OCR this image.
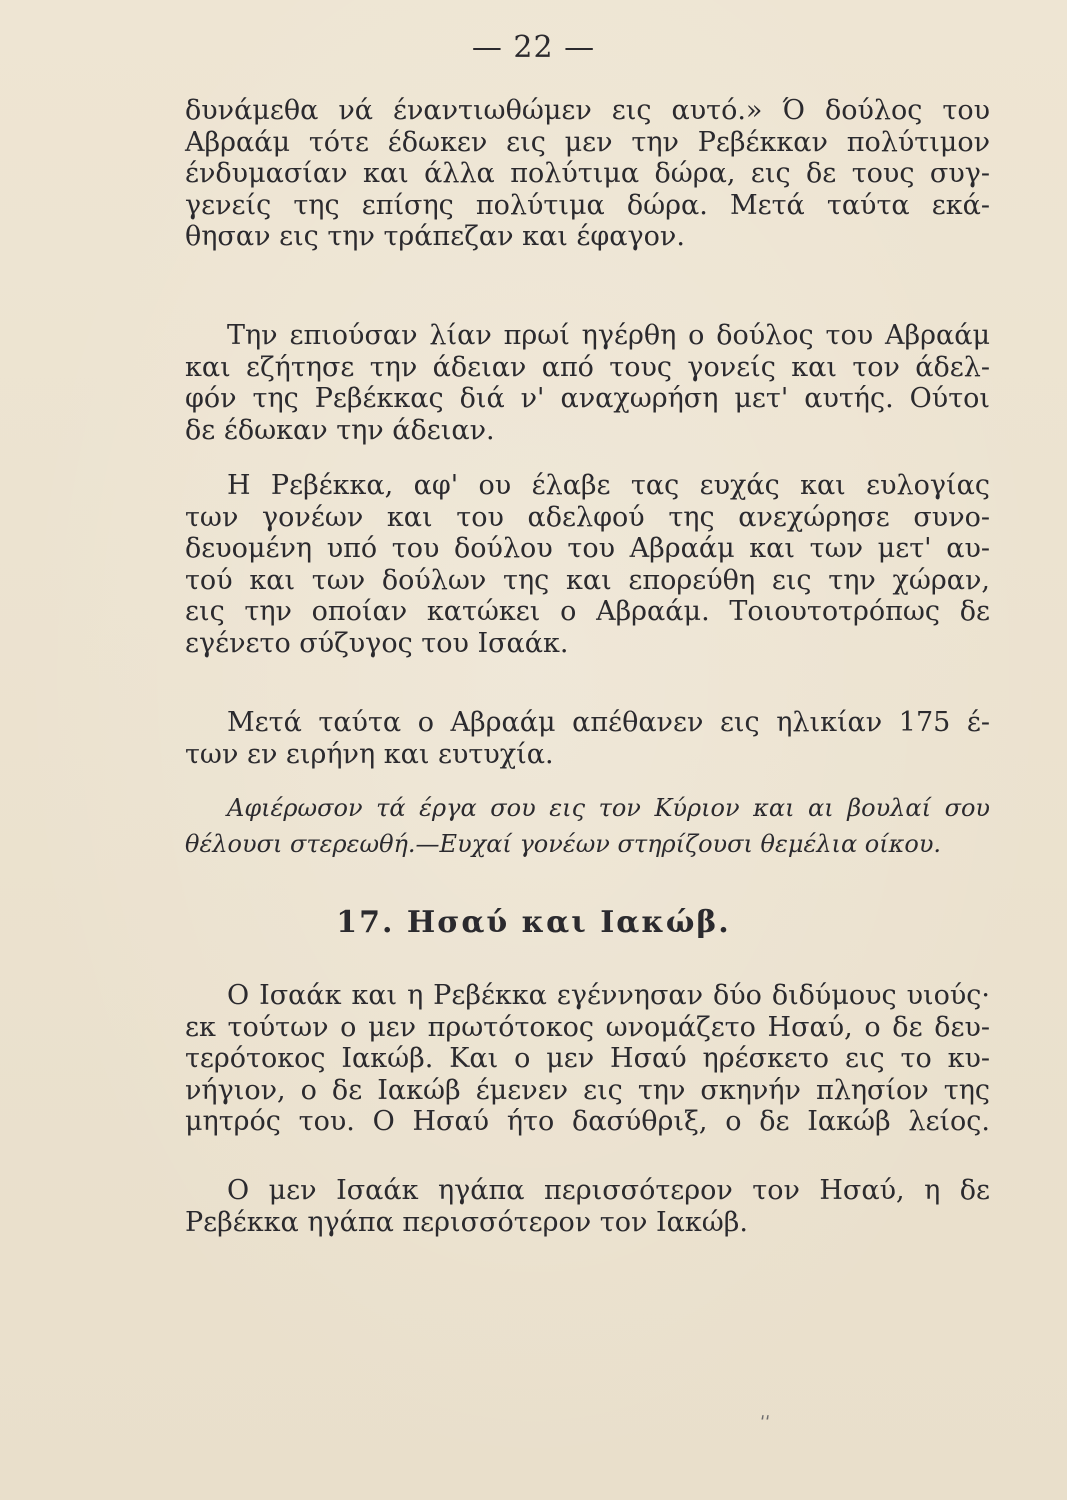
— 22 —
δυνάμεθα νά έναντιωθώμεν εις αυτό.» Ό δούλος του
Αβραάμ τότε έδωκεν εις μεν την Ρεβέκκαν πολύτιμον
ένδυμασίαν και άλλα πολύτιμα δώρα, εις δε τους συγ-
γενείς της επίσης πολύτιμα δώρα. Μετά ταύτα εκά-
θησαν εις την τράπεζαν και έφαγον.
Την επιούσαν λίαν πρωί ηγέρθη ο δούλος του Αβραάμ
και εζήτησε την άδειαν από τους γονείς και τον άδελ-
φόν της Ρεβέκκας διά ν' αναχωρήση μετ' αυτής. Ούτοι
δε έδωκαν την άδειαν.
Η Ρεβέκκα, αφ' ου έλαβε τας ευχάς και ευλογίας
των γονέων και του αδελφού της ανεχώρησε συνο-
δευομένη υπό του δούλου του Αβραάμ και των μετ' αυ-
τού και των δούλων της και επορεύθη εις την χώραν,
εις την οποίαν κατώκει ο Αβραάμ. Τοιουτοτρόπως δε
εγένετο σύζυγος του Ισαάκ.
Μετά ταύτα ο Αβραάμ απέθανεν εις ηλικίαν 175 έ-
των εν ειρήνη και ευτυχία.
Αφιέρωσον τά έργα σου εις τον Κύριον και αι βουλαί σου
θέλουσι στερεωθή.—Ευχαί γονέων στηρίζουσι θεμέλια οίκου.
17. Ησαύ και Ιακώβ.
Ο Ισαάκ και η Ρεβέκκα εγέννησαν δύο διδύμους υιούς·
εκ τούτων ο μεν πρωτότοκος ωνομάζετο Ησαύ, ο δε δευ-
τερότοκος Ιακώβ. Και ο μεν Ησαύ ηρέσκετο εις το κυ-
νήγιον, ο δε Ιακώβ έμενεν εις την σκηνήν πλησίον της
μητρός του. Ο Ησαύ ήτο δασύθριξ, ο δε Ιακώβ λείος.
Ο μεν Ισαάκ ηγάπα περισσότερον τον Ησαύ, η δε
Ρεβέκκα ηγάπα περισσότερον τον Ιακώβ.
͵͵
